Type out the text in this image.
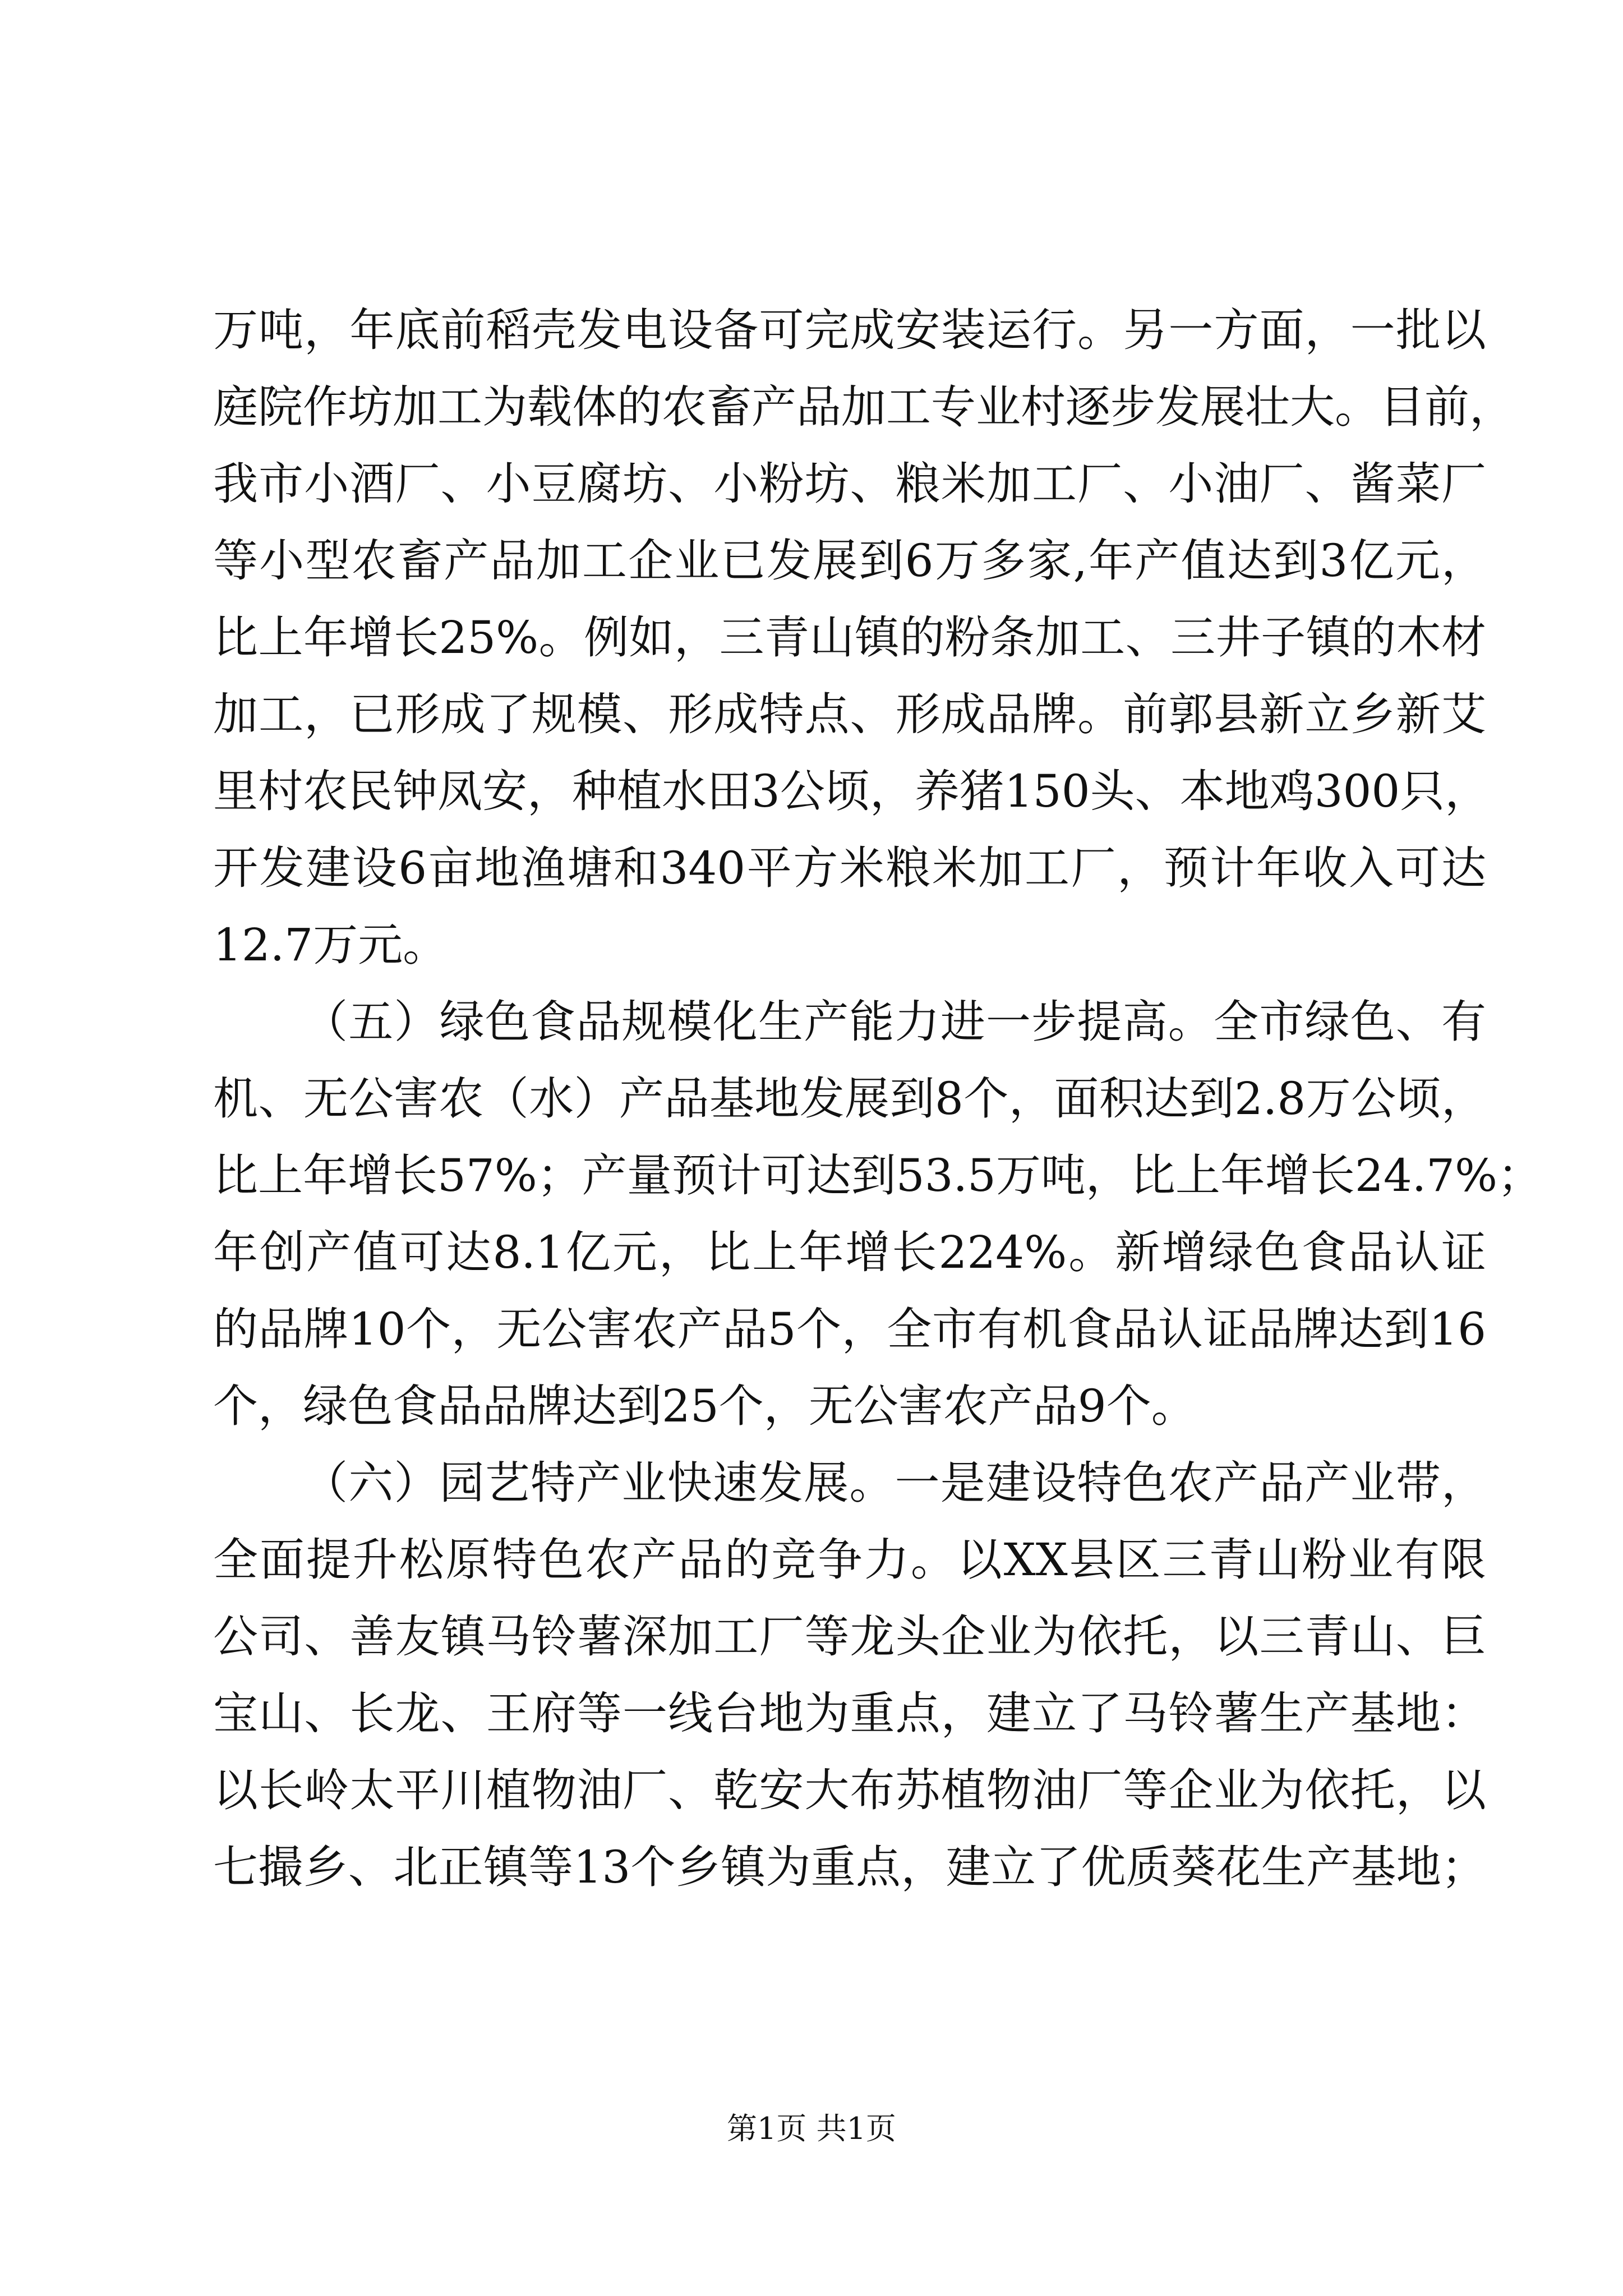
万吨，年底前稻壳发电设备可完成安装运行。另一方面，一批以
庭院作坊加工为载体的农畜产品加工专业村逐步发展壮大。目前，
我市小酒厂、小豆腐坊、小粉坊、粮米加工厂、小油厂、酱菜厂
等小型农畜产品加工企业已发展到6万多家,年产值达到3亿元，
比上年增长25%。例如，三青山镇的粉条加工、三井子镇的木材
加工，已形成了规模、形成特点、形成品牌。前郭县新立乡新艾
里村农民钟凤安，种植水田3公顷，养猪150头、本地鸡300只，
开发建设6亩地渔塘和340平方米粮米加工厂，预计年收入可达
12.7万元。
（五）绿色食品规模化生产能力进一步提高。全市绿色、有
机、无公害农（水）产品基地发展到8个，面积达到2.8万公顷，
比上年增长57%；产量预计可达到53.5万吨，比上年增长24.7%；
年创产值可达8.1亿元，比上年增长224%。新增绿色食品认证
的品牌10个，无公害农产品5个，全市有机食品认证品牌达到16
个，绿色食品品牌达到25个，无公害农产品9个。
（六）园艺特产业快速发展。一是建设特色农产品产业带，
全面提升松原特色农产品的竞争力。以XX县区三青山粉业有限
公司、善友镇马铃薯深加工厂等龙头企业为依托，以三青山、巨
宝山、长龙、王府等一线台地为重点，建立了马铃薯生产基地：
以长岭太平川植物油厂、乾安大布苏植物油厂等企业为依托，以
七撮乡、北正镇等13个乡镇为重点，建立了优质葵花生产基地；
第1页 共1页
